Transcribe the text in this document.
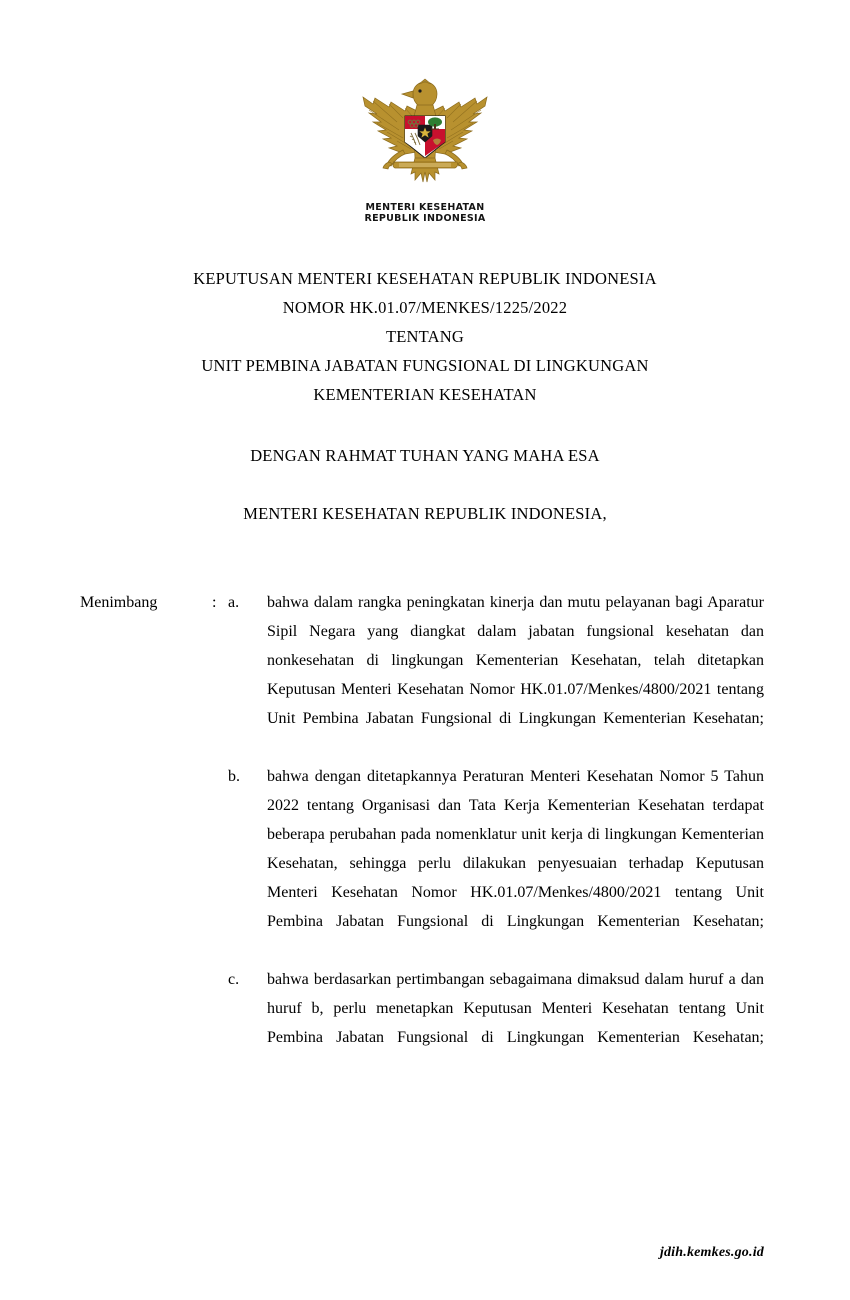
MENTERI KESEHATAN
REPUBLIK INDONESIA
KEPUTUSAN MENTERI KESEHATAN REPUBLIK INDONESIA
NOMOR HK.01.07/MENKES/1225/2022
TENTANG
UNIT PEMBINA JABATAN FUNGSIONAL DI LINGKUNGAN
KEMENTERIAN KESEHATAN
DENGAN RAHMAT TUHAN YANG MAHA ESA
MENTERI KESEHATAN REPUBLIK INDONESIA,
Menimbang	: a.	bahwa dalam rangka peningkatan kinerja dan mutu pelayanan bagi Aparatur Sipil Negara yang diangkat dalam jabatan fungsional kesehatan dan nonkesehatan di lingkungan Kementerian Kesehatan, telah ditetapkan Keputusan Menteri Kesehatan Nomor HK.01.07/Menkes/4800/2021 tentang Unit Pembina Jabatan Fungsional di Lingkungan Kementerian Kesehatan;
b.	bahwa dengan ditetapkannya Peraturan Menteri Kesehatan Nomor 5 Tahun 2022 tentang Organisasi dan Tata Kerja Kementerian Kesehatan terdapat beberapa perubahan pada nomenklatur unit kerja di lingkungan Kementerian Kesehatan, sehingga perlu dilakukan penyesuaian terhadap Keputusan Menteri Kesehatan Nomor HK.01.07/Menkes/4800/2021 tentang Unit Pembina Jabatan Fungsional di Lingkungan Kementerian Kesehatan;
c.	bahwa berdasarkan pertimbangan sebagaimana dimaksud dalam huruf a dan huruf b, perlu menetapkan Keputusan Menteri Kesehatan tentang Unit Pembina Jabatan Fungsional di Lingkungan Kementerian Kesehatan;
jdih.kemkes.go.id
